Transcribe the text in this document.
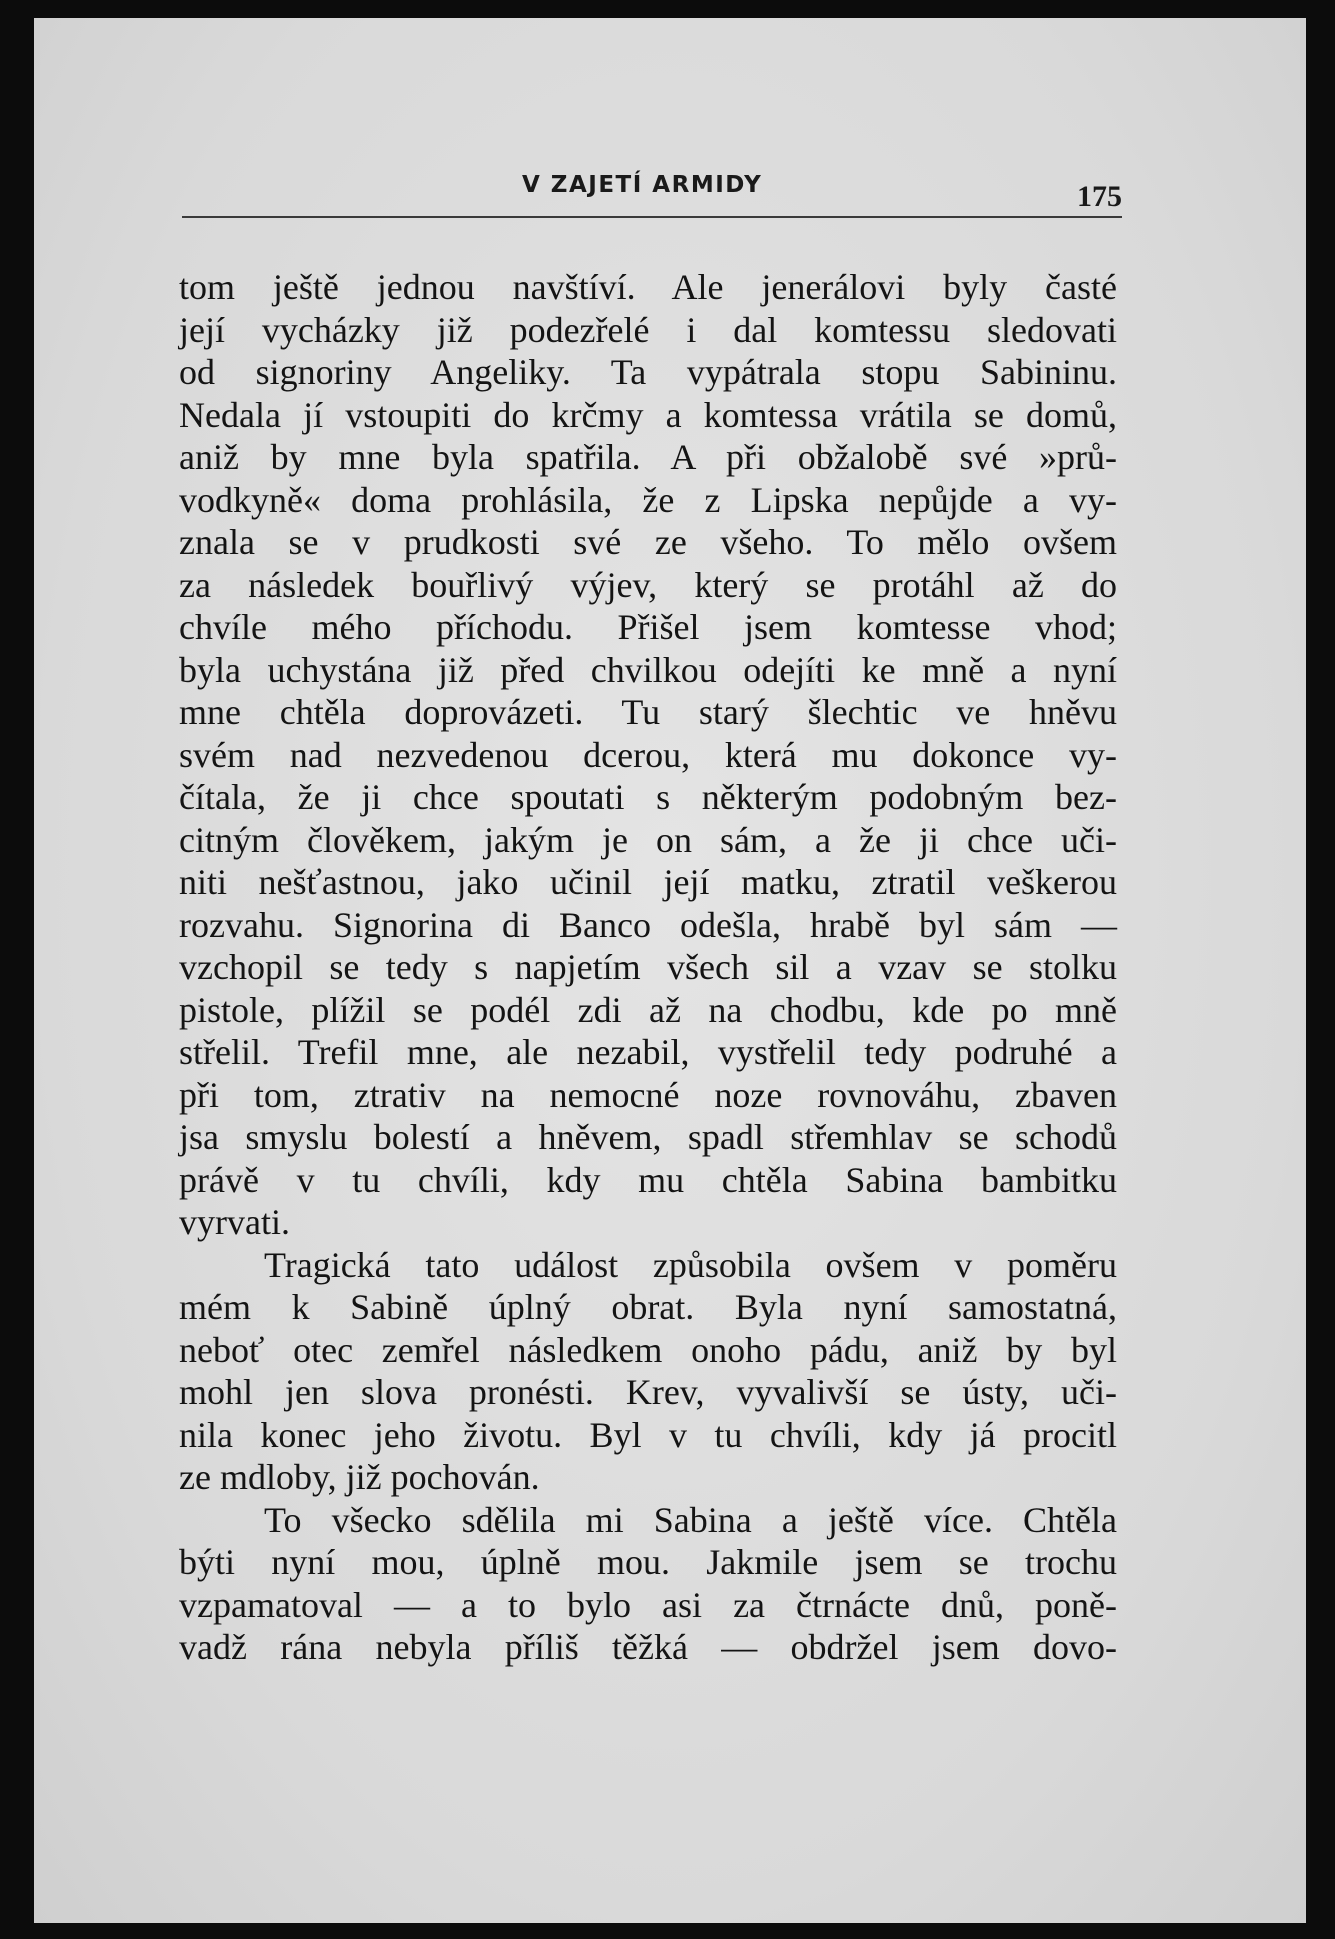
V ZAJETÍ ARMIDY	175
tom ještě jednou navštíví. Ale jenerálovi byly časté
její vycházky již podezřelé i dal komtessu sledovati
od signoriny Angeliky. Ta vypátrala stopu Sabininu.
Nedala jí vstoupiti do krčmy a komtessa vrátila se domů,
aniž by mne byla spatřila. A při obžalobě své »prů-
vodkyně« doma prohlásila, že z Lipska nepůjde a vy-
znala se v prudkosti své ze všeho. To mělo ovšem
za následek bouřlivý výjev, který se protáhl až do
chvíle mého příchodu. Přišel jsem komtesse vhod;
byla uchystána již před chvilkou odejíti ke mně a nyní
mne chtěla doprovázeti. Tu starý šlechtic ve hněvu
svém nad nezvedenou dcerou, která mu dokonce vy-
čítala, že ji chce spoutati s některým podobným bez-
citným člověkem, jakým je on sám, a že ji chce uči-
niti nešťastnou, jako učinil její matku, ztratil veškerou
rozvahu. Signorina di Banco odešla, hrabě byl sám —
vzchopil se tedy s napjetím všech sil a vzav se stolku
pistole, plížil se podél zdi až na chodbu, kde po mně
střelil. Trefil mne, ale nezabil, vystřelil tedy podruhé a
při tom, ztrativ na nemocné noze rovnováhu, zbaven
jsa smyslu bolestí a hněvem, spadl střemhlav se schodů
právě v tu chvíli, kdy mu chtěla Sabina bambitku
vyrvati.
Tragická tato událost způsobila ovšem v poměru
mém k Sabině úplný obrat. Byla nyní samostatná,
neboť otec zemřel následkem onoho pádu, aniž by byl
mohl jen slova pronésti. Krev, vyvalivší se ústy, uči-
nila konec jeho životu. Byl v tu chvíli, kdy já procitl
ze mdloby, již pochován.
To všecko sdělila mi Sabina a ještě více. Chtěla
býti nyní mou, úplně mou. Jakmile jsem se trochu
vzpamatoval — a to bylo asi za čtrnácte dnů, poně-
vadž rána nebyla příliš těžká — obdržel jsem dovo-
